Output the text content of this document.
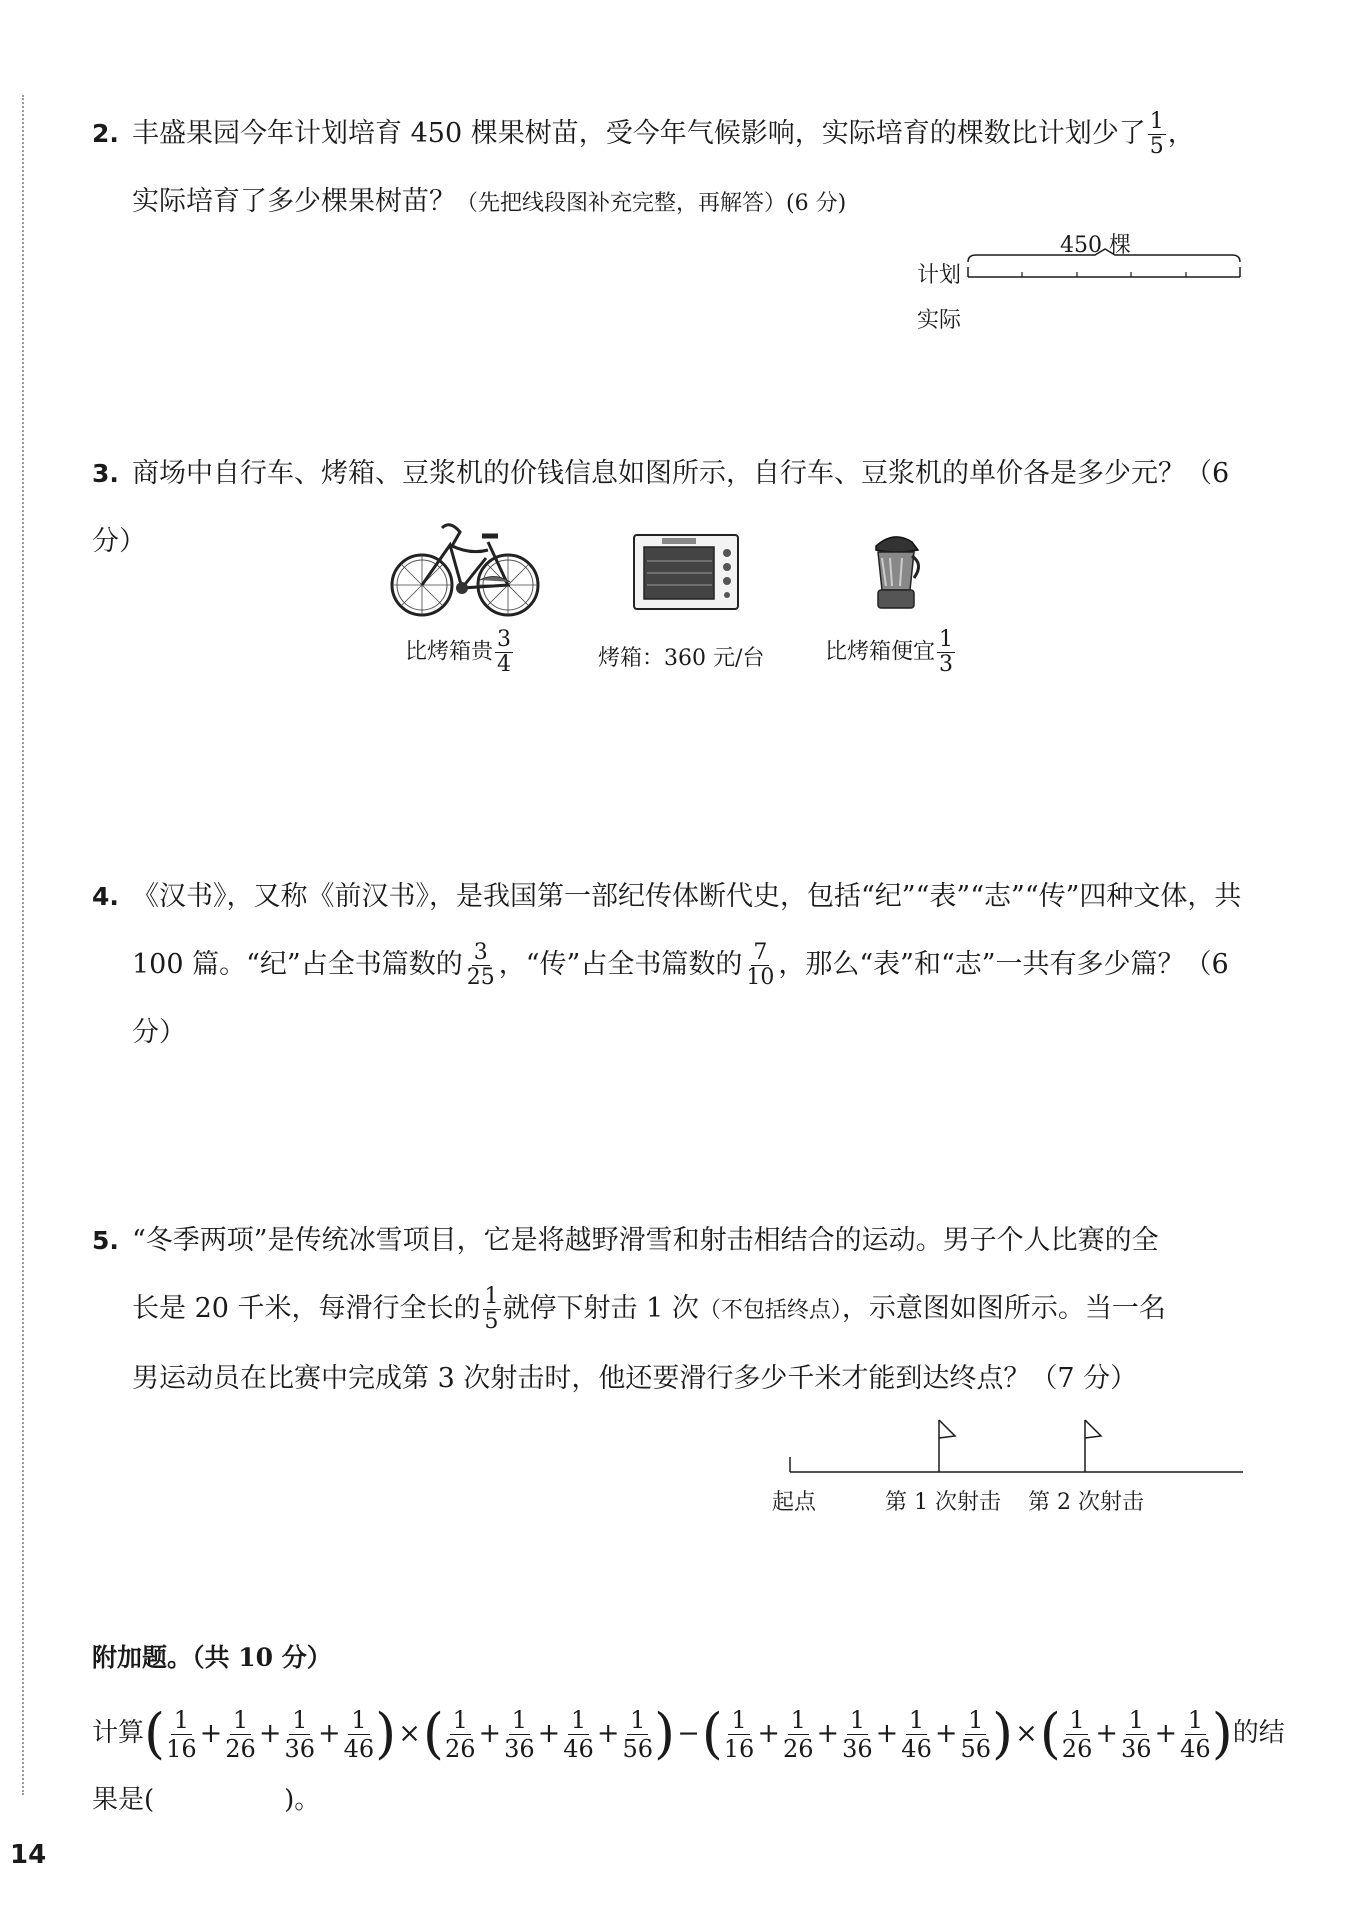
2. 丰盛果园今年计划培育 450 棵果树苗，受今年气候影响，实际培育的棵数比计划少了 $\frac{1}{5}$ ，
实际培育了多少棵果树苗？（先把线段图补充完整，再解答）(6 分)
450 棵
计划
实际
3. 商场中自行车、烤箱、豆浆机的价钱信息如图所示，自行车、豆浆机的单价各是多少元？（6 分）
比烤箱贵 $\frac{3}{4}$	烤箱：360 元/台	比烤箱便宜 $\frac{1}{3}$
4. 《汉书》，又称《前汉书》，是我国第一部纪传体断代史，包括“纪”“表”“志”“传”四种文体，共
100 篇。“纪”占全书篇数的 $\frac{3}{25}$ ，“传”占全书篇数的 $\frac{7}{10}$ ，那么“表”和“志”一共有多少篇？（6 分）
5. “冬季两项”是传统冰雪项目，它是将越野滑雪和射击相结合的运动。男子个人比赛的全
长是 20 千米，每滑行全长的 $\frac{1}{5}$ 就停下射击 1 次（不包括终点），示意图如图所示。当一名
男运动员在比赛中完成第 3 次射击时，他还要滑行多少千米才能到达终点？（7 分）
起点	第 1 次射击 第 2 次射击
附加题。（共 10 分）
计算( $\frac{1}{16} + \frac{1}{26} + \frac{1}{36} + \frac{1}{46}$ )×( $\frac{1}{26} + \frac{1}{36} + \frac{1}{46} + \frac{1}{56}$ )−( $\frac{1}{16} + \frac{1}{26} + \frac{1}{36} + \frac{1}{46} + \frac{1}{56}$ )×( $\frac{1}{26} + \frac{1}{36} + \frac{1}{46}$ )的结
果是(　　　　　)。
14
